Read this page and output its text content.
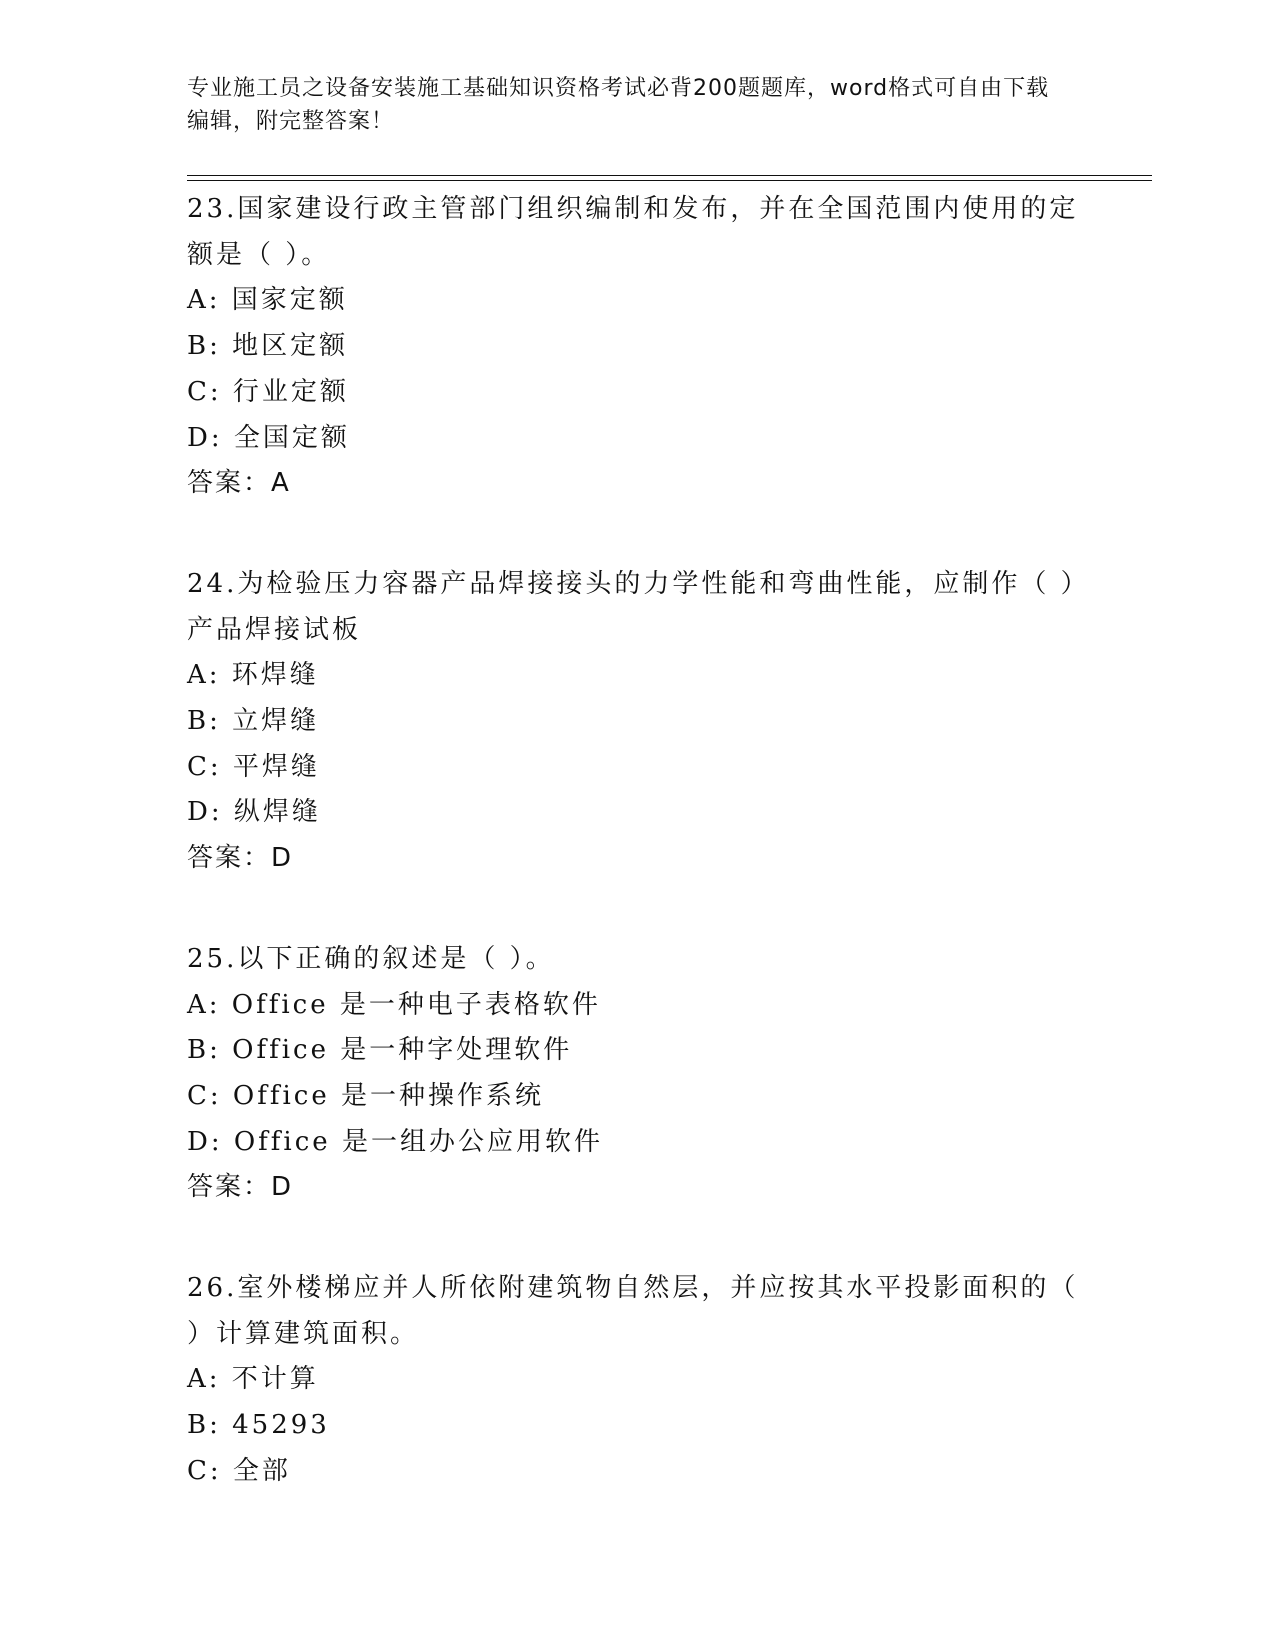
专业施工员之设备安装施工基础知识资格考试必背200题题库，word格式可自由下载编辑，附完整答案！

23.国家建设行政主管部门组织编制和发布，并在全国范围内使用的定额是（ ）。

A: 国家定额

B: 地区定额

C: 行业定额

D: 全国定额

答案：A

24.为检验压力容器产品焊接接头的力学性能和弯曲性能，应制作（ ）产品焊接试板

A: 环焊缝

B: 立焊缝

C: 平焊缝

D: 纵焊缝

答案：D

25.以下正确的叙述是（ ）。

A: Office 是一种电子表格软件

B: Office 是一种字处理软件

C: Office 是一种操作系统

D: Office 是一组办公应用软件

答案：D

26.室外楼梯应并人所依附建筑物自然层，并应按其水平投影面积的（ ）计算建筑面积。

A: 不计算

B: 45293

C: 全部
